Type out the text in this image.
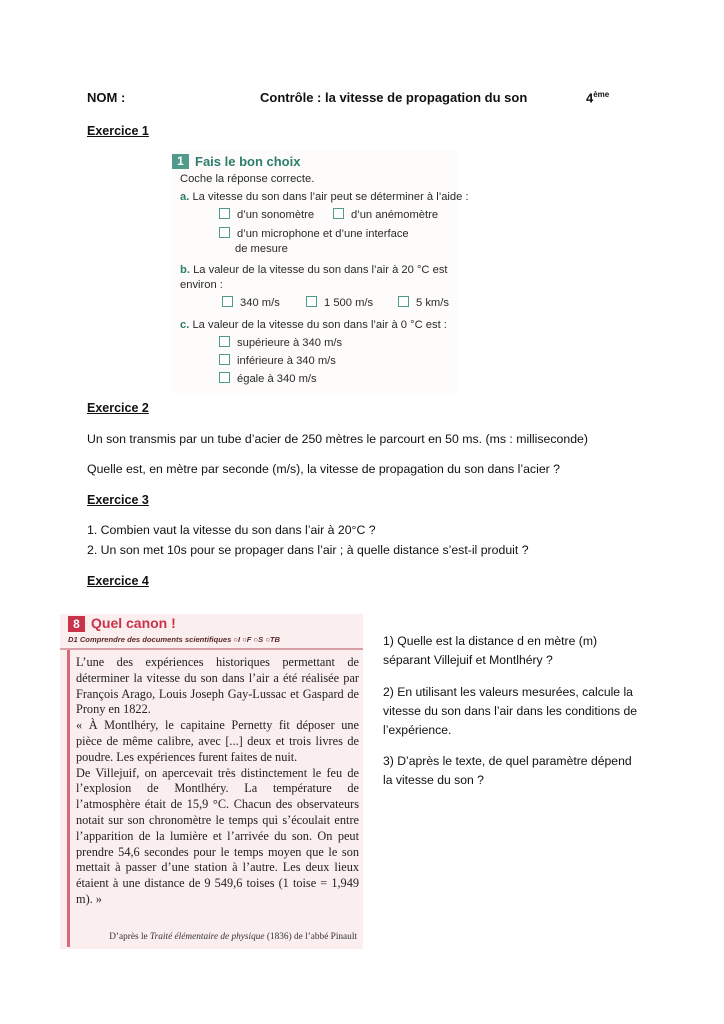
NOM :	Contrôle : la vitesse de propagation du son	4ème
Exercice 1
1 Fais le bon choix
Coche la réponse correcte.
a. La vitesse du son dans l’air peut se déterminer à l’aide :
d’un sonomètre	d’un anémomètre
d’un microphone et d’une interface
de mesure
b. La valeur de la vitesse du son dans l’air à 20 °C est
environ :
340 m/s	1 500 m/s	5 km/s
c. La valeur de la vitesse du son dans l’air à 0 °C est :
supérieure à 340 m/s
inférieure à 340 m/s
égale à 340 m/s
Exercice 2
Un son transmis par un tube d’acier de 250 mètres le parcourt en 50 ms. (ms : milliseconde)
Quelle est, en mètre par seconde (m/s), la vitesse de propagation du son dans l’acier ?
Exercice 3
1. Combien vaut la vitesse du son dans l’air à 20°C ?
2. Un son met 10s pour se propager dans l’air ; à quelle distance s’est-il produit ?
Exercice 4
8 Quel canon !
D1 Comprendre des documents scientifiques ○I ○F ○S ○TB

L’une des expériences historiques permettant de déterminer la vitesse du son dans l’air a été réalisée par François Arago, Louis Joseph Gay-Lussac et Gaspard de Prony en 1822.

« À Montlhéry, le capitaine Pernetty fit déposer une pièce de même calibre, avec [...] deux et trois livres de poudre. Les expériences furent faites de nuit.

De Villejuif, on apercevait très distinctement le feu de l’explosion de Montlhéry. La température de l’atmosphère était de 15,9 °C. Chacun des observateurs notait sur son chronomètre le temps qui s’écoulait entre l’apparition de la lumière et l’arrivée du son. On peut prendre 54,6 secondes pour le temps moyen que le son mettait à passer d’une station à l’autre. Les deux lieux étaient à une distance de 9 549,6 toises (1 toise = 1,949 m). »

D’après le Traité élémentaire de physique (1836) de l’abbé Pinault
1) Quelle est la distance d en mètre (m)
séparant Villejuif et Montlhéry ?
2) En utilisant les valeurs mesurées, calcule la
vitesse du son dans l’air dans les conditions de
l’expérience.
3) D’après le texte, de quel paramètre dépend
la vitesse du son ?
